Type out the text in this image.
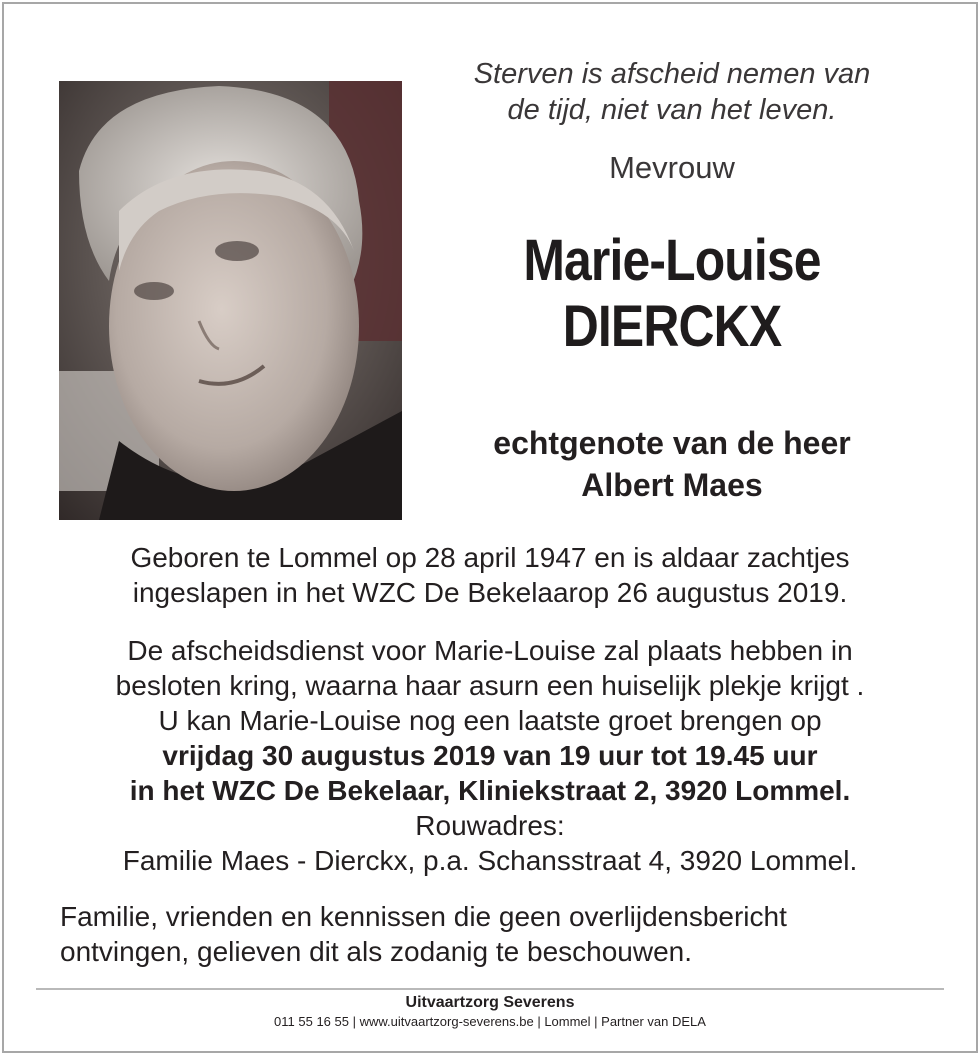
Sterven is afscheid nemen van
de tijd, niet van het leven.
Mevrouw
Marie-Louise
DIERCKX
echtgenote van de heer
Albert Maes
Geboren te Lommel op 28 april 1947 en is aldaar zachtjes
ingeslapen in het WZC De Bekelaarop 26 augustus 2019.
De afscheidsdienst voor Marie-Louise zal plaats hebben in
besloten kring, waarna haar asurn een huiselijk plekje krijgt .
U kan Marie-Louise nog een laatste groet brengen op
vrijdag 30 augustus 2019 van 19 uur tot 19.45 uur
in het WZC De Bekelaar, Kliniekstraat 2, 3920 Lommel.
Rouwadres:
Familie Maes - Dierckx, p.a. Schansstraat 4, 3920 Lommel.
Familie, vrienden en kennissen die geen overlijdensbericht
ontvingen, gelieven dit als zodanig te beschouwen.
Uitvaartzorg Severens
011 55 16 55 | www.uitvaartzorg-severens.be | Lommel | Partner van DELA
